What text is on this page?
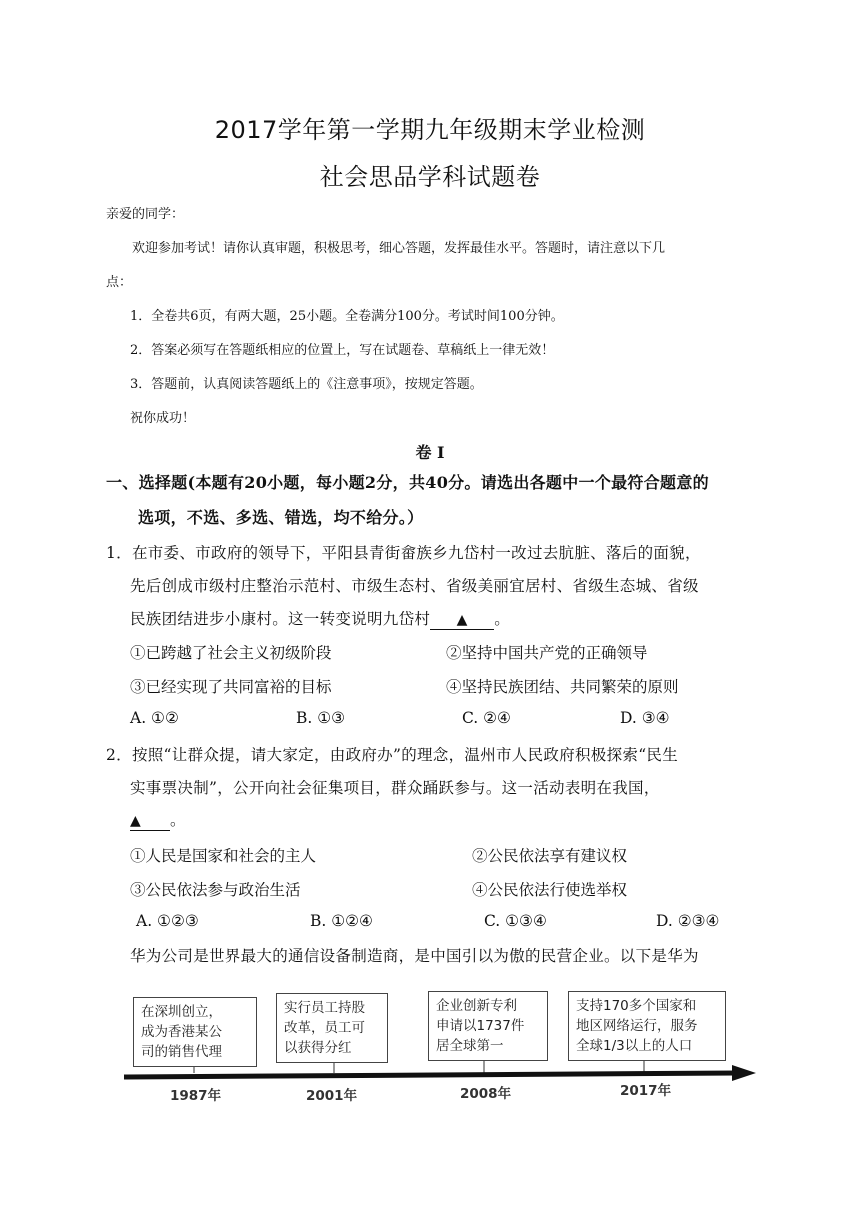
2017学年第一学期九年级期末学业检测
社会思品学科试题卷
亲爱的同学：
欢迎参加考试！请你认真审题，积极思考，细心答题，发挥最佳水平。答题时，请注意以下几
点：
1．全卷共6页，有两大题，25小题。全卷满分100分。考试时间100分钟。
2．答案必须写在答题纸相应的位置上，写在试题卷、草稿纸上一律无效！
3．答题前，认真阅读答题纸上的《注意事项》，按规定答题。
祝你成功！
卷 Ⅰ
一、选择题(本题有20小题，每小题2分，共40分。请选出各题中一个最符合题意的
选项，不选、多选、错选，均不给分。）
1．在市委、市政府的领导下，平阳县青街畲族乡九岱村一改过去肮脏、落后的面貌，
先后创成市级村庄整治示范村、市级生态村、省级美丽宜居村、省级生态城、省级
民族团结进步小康村。这一转变说明九岱村 ▲ 。
①已跨越了社会主义初级阶段	②坚持中国共产党的正确领导
③已经实现了共同富裕的目标	④坚持民族团结、共同繁荣的原则
A. ①②	B. ①③	C. ②④	D. ③④
2．按照“让群众提，请大家定，由政府办”的理念，温州市人民政府积极探索“民生
实事票决制”，公开向社会征集项目，群众踊跃参与。这一活动表明在我国，
▲ 。
①人民是国家和社会的主人	②公民依法享有建议权
③公民依法参与政治生活	④公民依法行使选举权
A. ①②③	B. ①②④	C. ①③④	D. ②③④
华为公司是世界最大的通信设备制造商，是中国引以为傲的民营企业。以下是华为
在深圳创立，
成为香港某公
司的销售代理
实行员工持股
改革，员工可
以获得分红
企业创新专利
申请以1737件
居全球第一
支持170多个国家和
地区网络运行，服务
全球1/3以上的人口
1987年	2001年	2008年	2017年
